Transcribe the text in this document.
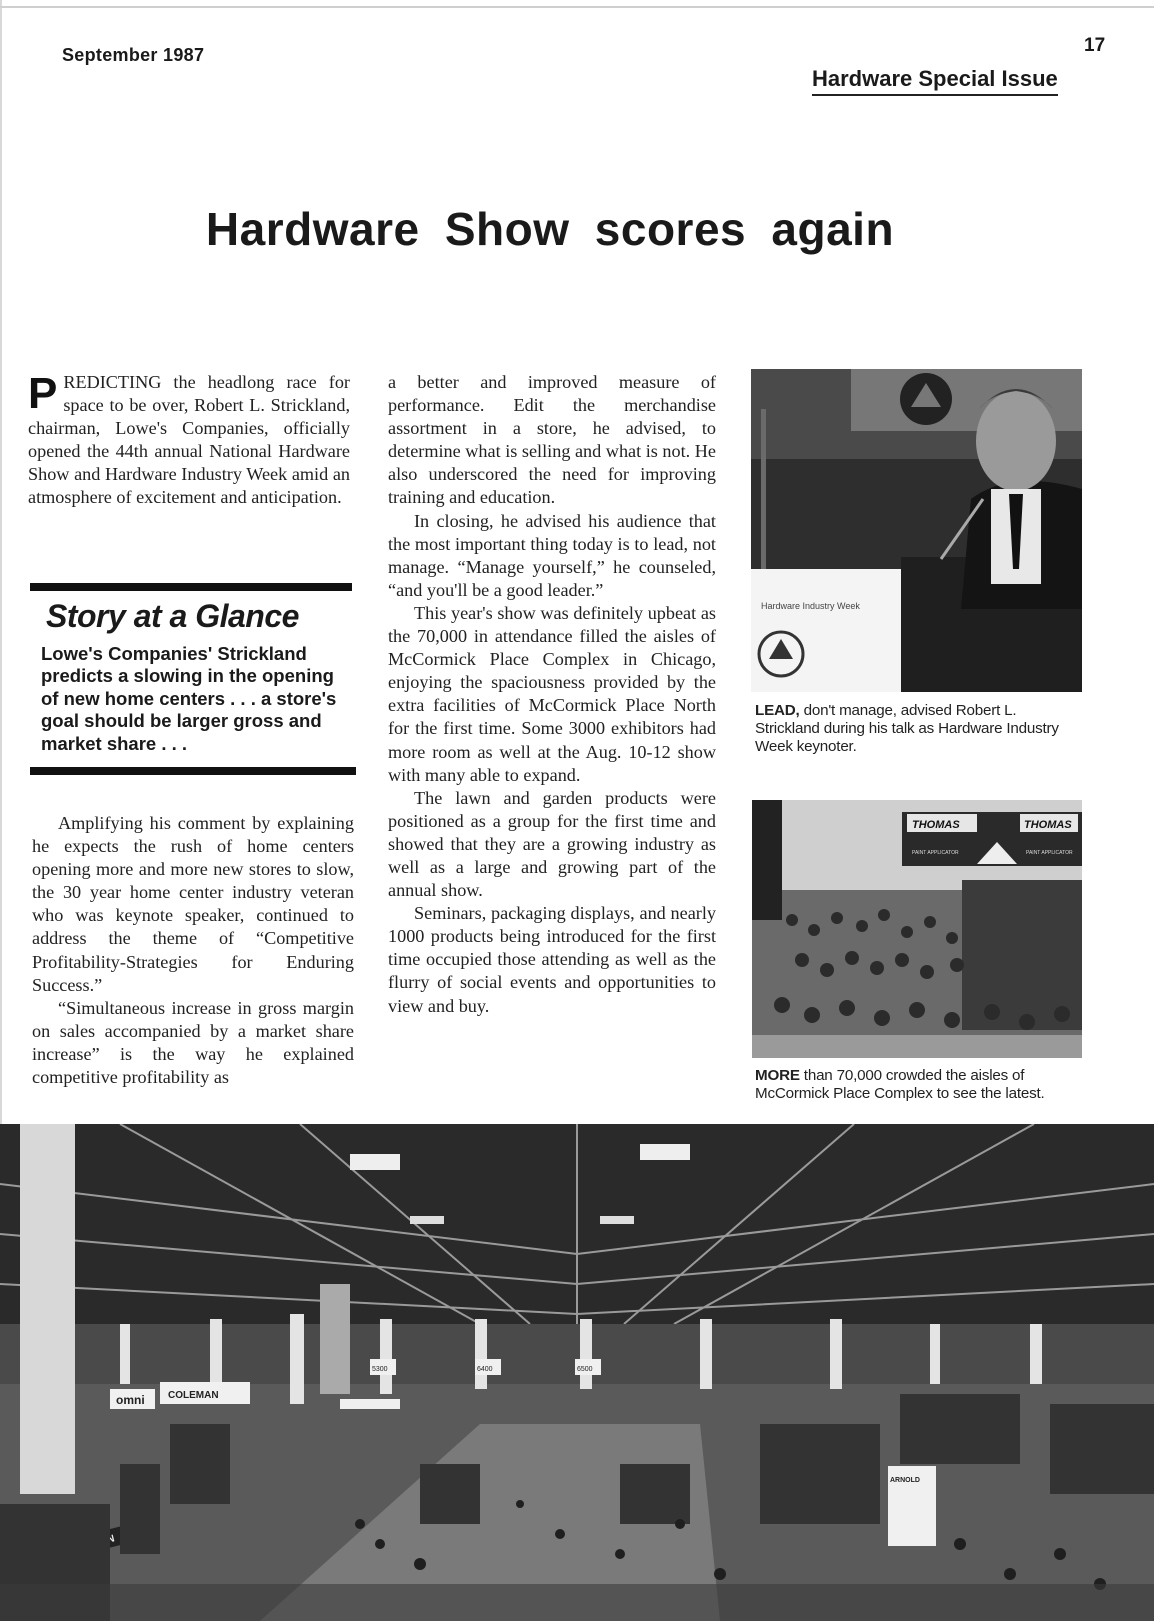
September 1987	17
Hardware Special Issue
Hardware Show scores again
PREDICTING the headlong race for space to be over, Robert L. Strickland, chairman, Lowe's Companies, officially opened the 44th annual National Hardware Show and Hardware Industry Week amid an atmosphere of excitement and anticipation.
Story at a Glance
Lowe's Companies' Strickland predicts a slowing in the opening of new home centers . . . a store's goal should be larger gross and market share . . .

Amplifying his comment by explaining he expects the rush of home centers opening more and more new stores to slow, the 30 year home center industry veteran who was keynote speaker, continued to address the theme of “Competitive Profitability-Strategies for Enduring Success.”

“Simultaneous increase in gross margin on sales accompanied by a market share increase” is the way he explained competitive profitability as

a better and improved measure of performance. Edit the merchandise assortment in a store, he advised, to determine what is selling and what is not. He also underscored the need for improving training and education.

In closing, he advised his audience that the most important thing today is to lead, not manage. “Manage yourself,” he counseled, “and you'll be a good leader.”

This year's show was definitely upbeat as the 70,000 in attendance filled the aisles of McCormick Place Complex in Chicago, enjoying the spaciousness provided by the extra facilities of McCormick Place North for the first time. Some 3000 exhibitors had more room as well at the Aug. 10-12 show with many able to expand.

The lawn and garden products were positioned as a group for the first time and showed that they are a growing industry as well as a large and growing part of the annual show.

Seminars, packaging displays, and nearly 1000 products being introduced for the first time occupied those attending as well as the flurry of social events and opportunities to view and buy.

Hardware Industry Week
LEAD, don't manage, advised Robert L. Strickland during his talk as Hardware Industry Week keynoter.
THOMAS	THOMAS
PAINT APPLICATOR	PAINT APPLICATOR
MORE than 70,000 crowded the aisles of McCormick Place Complex to see the latest.
COLEMAN
omni
5300	6400	6500
ARNOLD
